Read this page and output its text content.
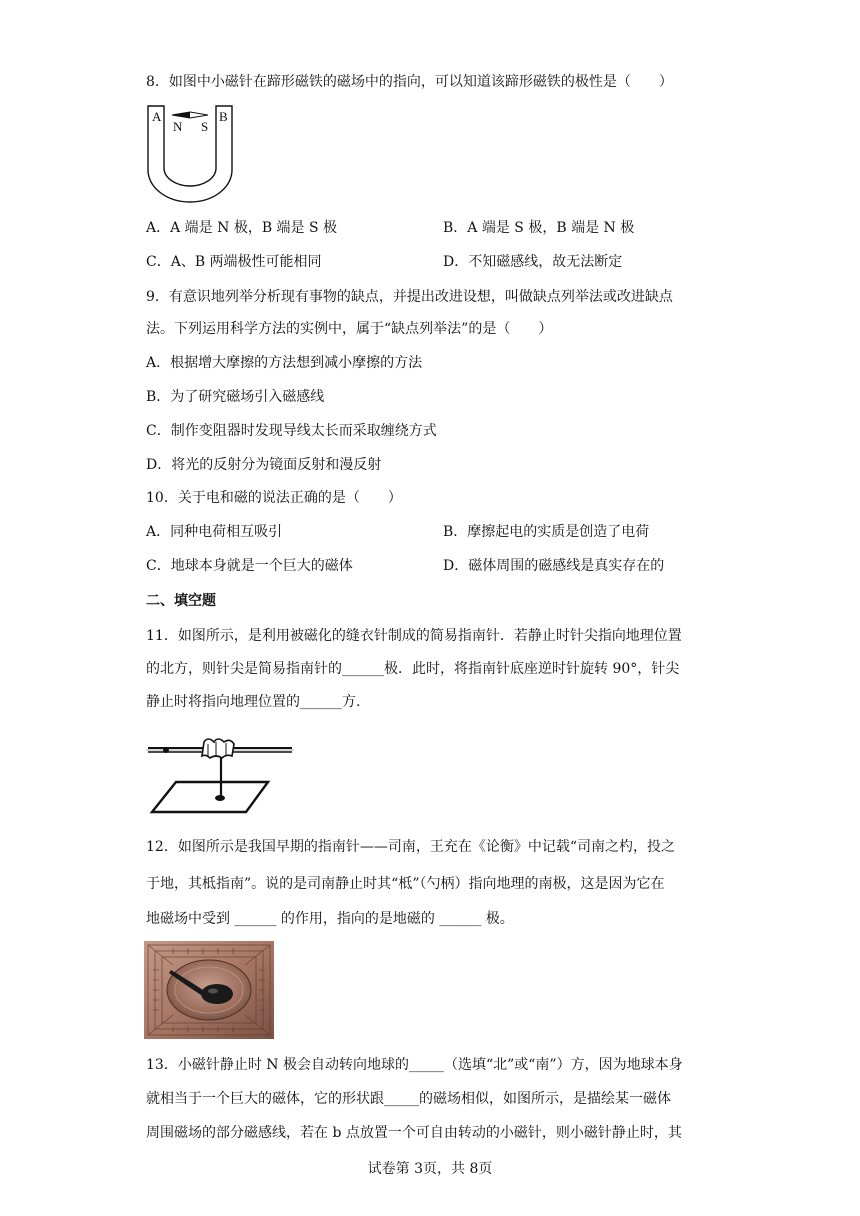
8．如图中小磁针在蹄形磁铁的磁场中的指向，可以知道该蹄形磁铁的极性是（　　）
A	B
N S
A．A 端是 N 极，B 端是 S 极	B．A 端是 S 极，B 端是 N 极
C．A、B 两端极性可能相同	D．不知磁感线，故无法断定
9．有意识地列举分析现有事物的缺点，并提出改进设想，叫做缺点列举法或改进缺点
法。下列运用科学方法的实例中，属于“缺点列举法”的是（　　）
A．根据增大摩擦的方法想到减小摩擦的方法
B．为了研究磁场引入磁感线
C．制作变阻器时发现导线太长而采取缠绕方式
D．将光的反射分为镜面反射和漫反射
10．关于电和磁的说法正确的是（　　）
A．同种电荷相互吸引	B．摩擦起电的实质是创造了电荷
C．地球本身就是一个巨大的磁体	D．磁体周围的磁感线是真实存在的
二、填空题
11．如图所示，是利用被磁化的缝衣针制成的简易指南针．若静止时针尖指向地理位置
的北方，则针尖是简易指南针的______极．此时，将指南针底座逆时针旋转 90°，针尖
静止时将指向地理位置的______方.
12．如图所示是我国早期的指南针——司南，王充在《论衡》中记载“司南之杓，投之
于地，其柢指南”。说的是司南静止时其“柢”（勺柄）指向地理的南极，这是因为它在
地磁场中受到 ______ 的作用，指向的是地磁的 ______ 极。
13．小磁针静止时 N 极会自动转向地球的_____（选填“北”或“南”）方，因为地球本身
就相当于一个巨大的磁体，它的形状跟_____的磁场相似，如图所示，是描绘某一磁体
周围磁场的部分磁感线，若在 b 点放置一个可自由转动的小磁针，则小磁针静止时，其
试卷第 3页，共 8页
